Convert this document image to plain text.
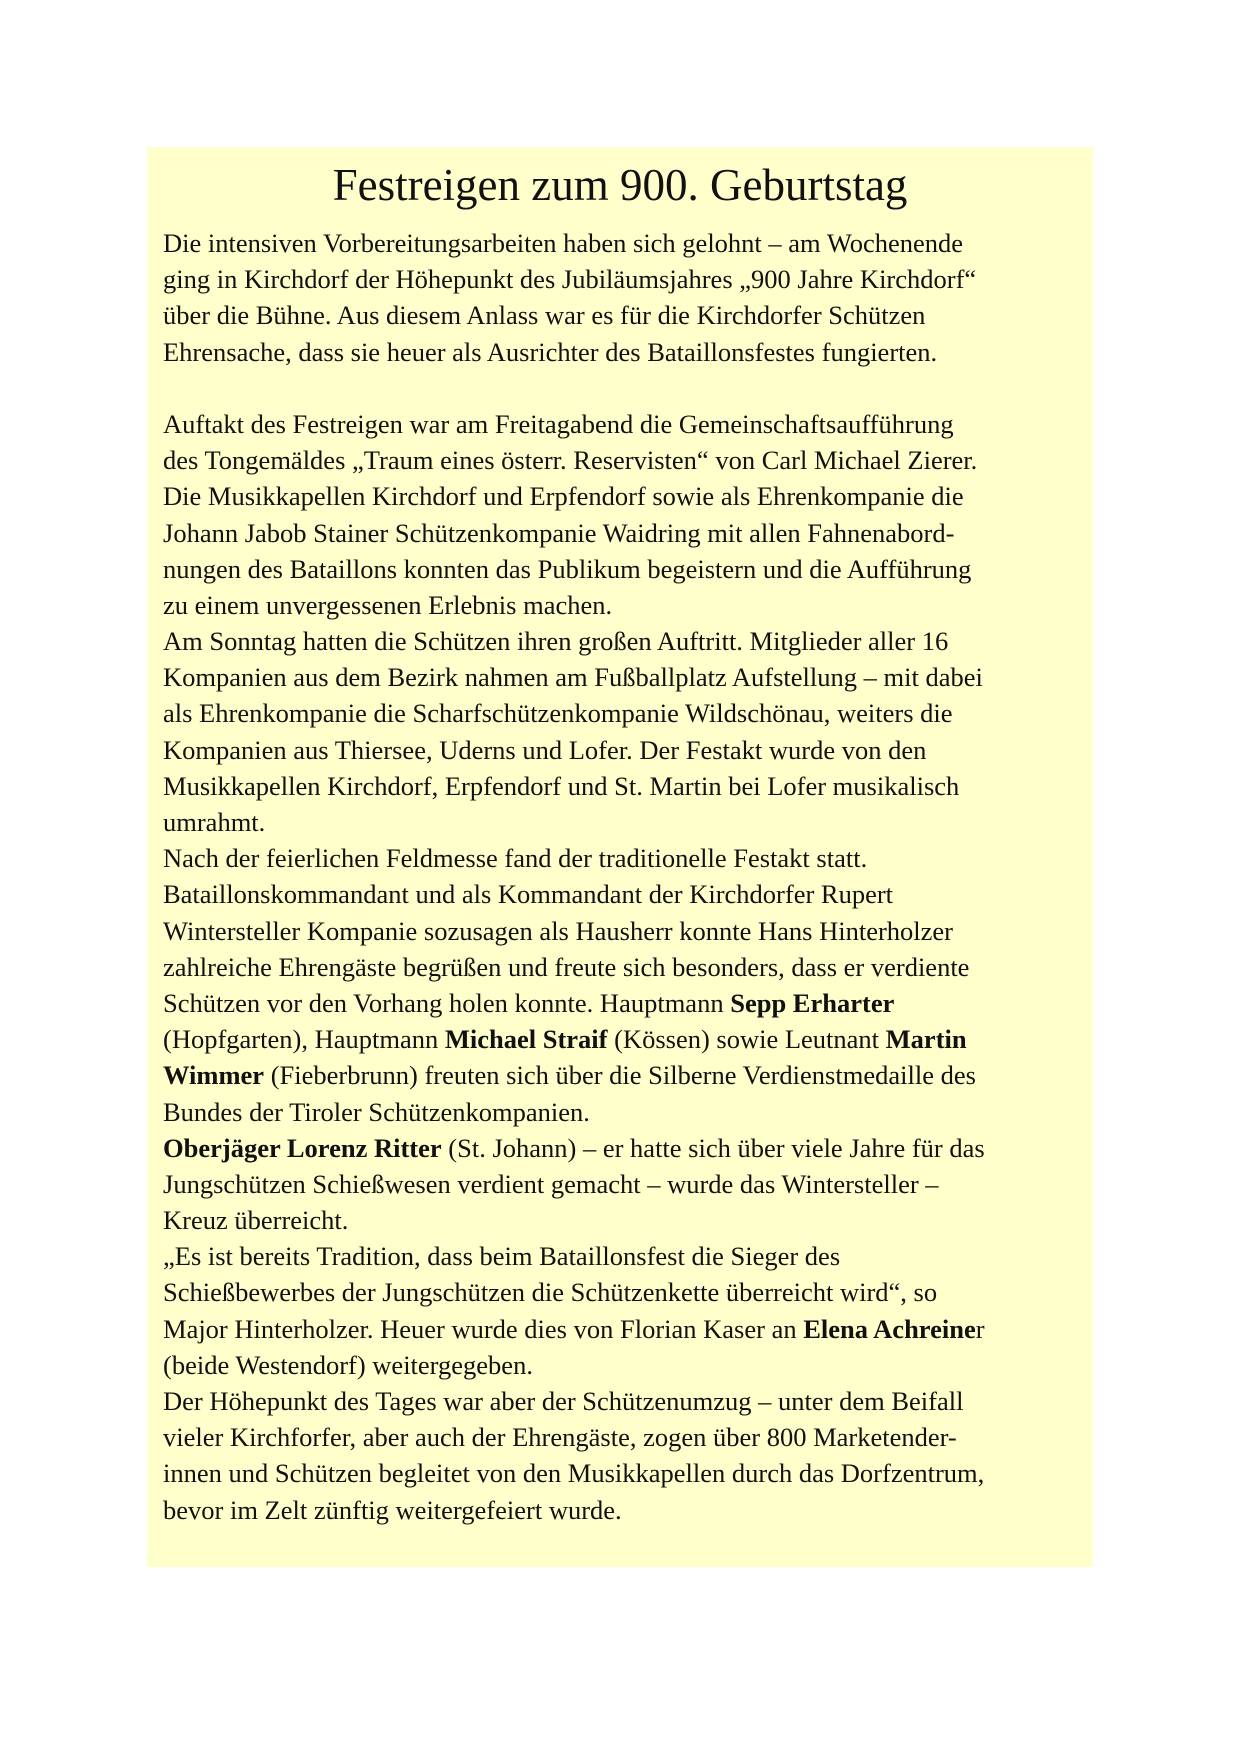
Festreigen zum 900. Geburtstag
Die intensiven Vorbereitungsarbeiten haben sich gelohnt – am Wochenende
ging in Kirchdorf der Höhepunkt des Jubiläumsjahres „900 Jahre Kirchdorf“
über die Bühne. Aus diesem Anlass war es für die Kirchdorfer Schützen
Ehrensache, dass sie heuer als Ausrichter des Bataillonsfestes fungierten.
Auftakt des Festreigen war am Freitagabend die Gemeinschaftsaufführung
des Tongemäldes „Traum eines österr. Reservisten“ von Carl Michael Zierer.
Die Musikkapellen Kirchdorf und Erpfendorf sowie als Ehrenkompanie die
Johann Jabob Stainer Schützenkompanie Waidring mit allen Fahnenabord-
nungen des Bataillons konnten das Publikum begeistern und die Aufführung
zu einem unvergessenen Erlebnis machen.
Am Sonntag hatten die Schützen ihren großen Auftritt. Mitglieder aller 16
Kompanien aus dem Bezirk nahmen am Fußballplatz Aufstellung – mit dabei
als Ehrenkompanie die Scharfschützenkompanie Wildschönau, weiters die
Kompanien aus Thiersee, Uderns und Lofer. Der Festakt wurde von den
Musikkapellen Kirchdorf, Erpfendorf und St. Martin bei Lofer musikalisch
umrahmt.
Nach der feierlichen Feldmesse fand der traditionelle Festakt statt.
Bataillonskommandant und als Kommandant der Kirchdorfer Rupert
Wintersteller Kompanie sozusagen als Hausherr konnte Hans Hinterholzer
zahlreiche Ehrengäste begrüßen und freute sich besonders, dass er verdiente
Schützen vor den Vorhang holen konnte. Hauptmann Sepp Erharter
(Hopfgarten), Hauptmann Michael Straif (Kössen) sowie Leutnant Martin
Wimmer (Fieberbrunn) freuten sich über die Silberne Verdienstmedaille des
Bundes der Tiroler Schützenkompanien.
Oberjäger Lorenz Ritter (St. Johann) – er hatte sich über viele Jahre für das
Jungschützen Schießwesen verdient gemacht – wurde das Wintersteller –
Kreuz überreicht.
„Es ist bereits Tradition, dass beim Bataillonsfest die Sieger des
Schießbewerbes der Jungschützen die Schützenkette überreicht wird“, so
Major Hinterholzer. Heuer wurde dies von Florian Kaser an Elena Achreiner
(beide Westendorf) weitergegeben.
Der Höhepunkt des Tages war aber der Schützenumzug – unter dem Beifall
vieler Kirchforfer, aber auch der Ehrengäste, zogen über 800 Marketender-
innen und Schützen begleitet von den Musikkapellen durch das Dorfzentrum,
bevor im Zelt zünftig weitergefeiert wurde.
